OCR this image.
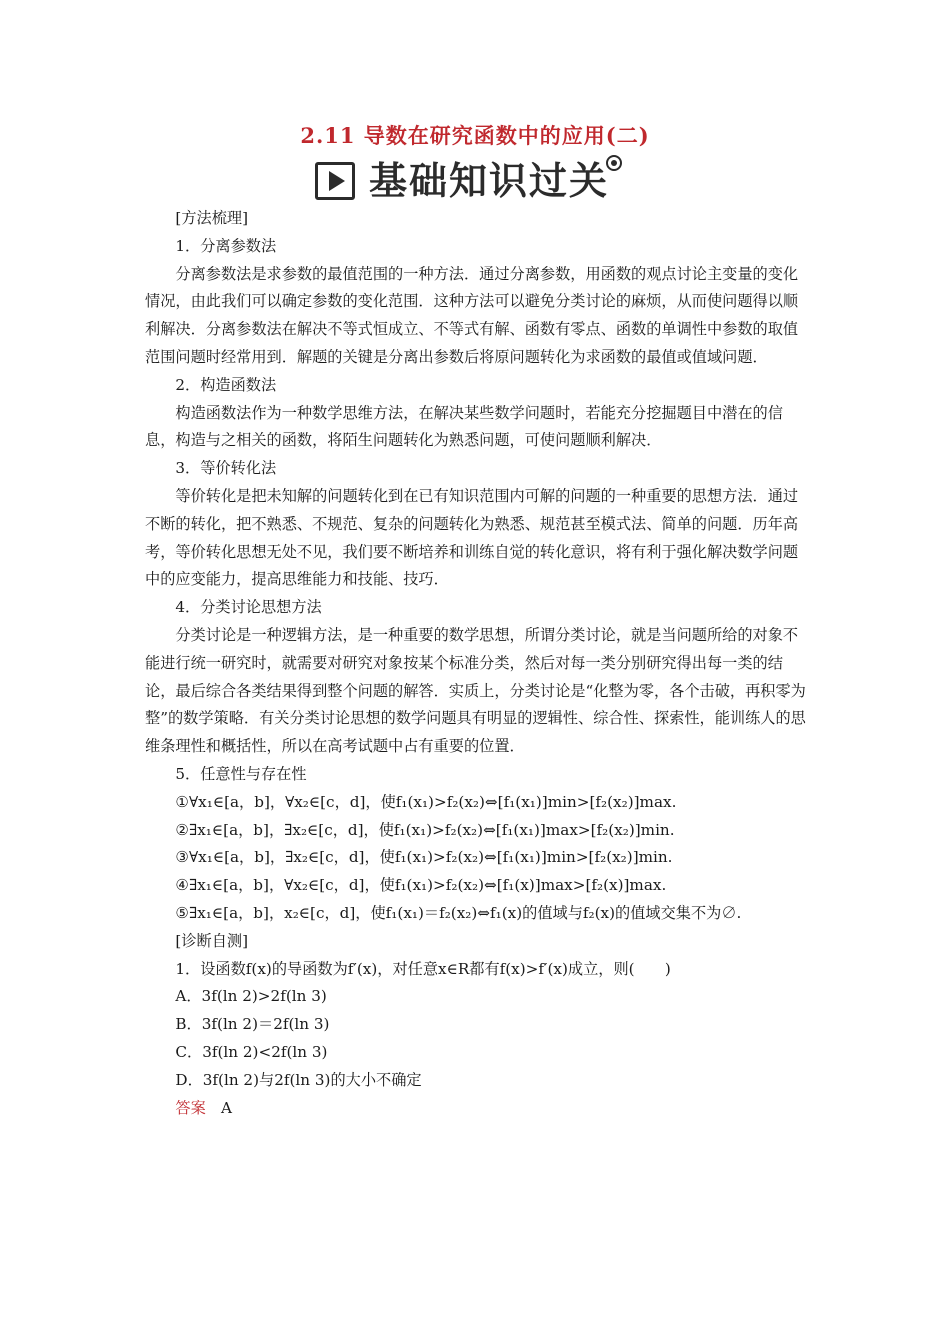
2.11 导数在研究函数中的应用(二)
基础知识过关

[方法梳理]

1．分离参数法

分离参数法是求参数的最值范围的一种方法．通过分离参数，用函数的观点讨论主变量的变化情况，由此我们可以确定参数的变化范围．这种方法可以避免分类讨论的麻烦，从而使问题得以顺利解决．分离参数法在解决不等式恒成立、不等式有解、函数有零点、函数的单调性中参数的取值范围问题时经常用到．解题的关键是分离出参数后将原问题转化为求函数的最值或值域问题．

2．构造函数法

构造函数法作为一种数学思维方法，在解决某些数学问题时，若能充分挖掘题目中潜在的信息，构造与之相关的函数，将陌生问题转化为熟悉问题，可使问题顺利解决．

3．等价转化法

等价转化是把未知解的问题转化到在已有知识范围内可解的问题的一种重要的思想方法．通过不断的转化，把不熟悉、不规范、复杂的问题转化为熟悉、规范甚至模式法、简单的问题．历年高考，等价转化思想无处不见，我们要不断培养和训练自觉的转化意识，将有利于强化解决数学问题中的应变能力，提高思维能力和技能、技巧．

4．分类讨论思想方法

分类讨论是一种逻辑方法，是一种重要的数学思想，所谓分类讨论，就是当问题所给的对象不能进行统一研究时，就需要对研究对象按某个标准分类，然后对每一类分别研究得出每一类的结论，最后综合各类结果得到整个问题的解答．实质上，分类讨论是“化整为零，各个击破，再积零为整”的数学策略．有关分类讨论思想的数学问题具有明显的逻辑性、综合性、探索性，能训练人的思维条理性和概括性，所以在高考试题中占有重要的位置．

5．任意性与存在性

①∀x₁∈[a，b]，∀x₂∈[c，d]，使f₁(x₁)>f₂(x₂)⇔[f₁(x₁)]min>[f₂(x₂)]max.

②∃x₁∈[a，b]，∃x₂∈[c，d]，使f₁(x₁)>f₂(x₂)⇔[f₁(x₁)]max>[f₂(x₂)]min.

③∀x₁∈[a，b]，∃x₂∈[c，d]，使f₁(x₁)>f₂(x₂)⇔[f₁(x₁)]min>[f₂(x₂)]min.

④∃x₁∈[a，b]，∀x₂∈[c，d]，使f₁(x₁)>f₂(x₂)⇔[f₁(x)]max>[f₂(x)]max.

⑤∃x₁∈[a，b]，x₂∈[c，d]，使f₁(x₁)＝f₂(x₂)⇔f₁(x)的值域与f₂(x)的值域交集不为∅.

[诊断自测]

1．设函数f(x)的导函数为f′(x)，对任意x∈R都有f(x)>f′(x)成立，则(　　)

A．3f(ln 2)>2f(ln 3)

B．3f(ln 2)＝2f(ln 3)

C．3f(ln 2)<2f(ln 3)

D．3f(ln 2)与2f(ln 3)的大小不确定

答案　 A
